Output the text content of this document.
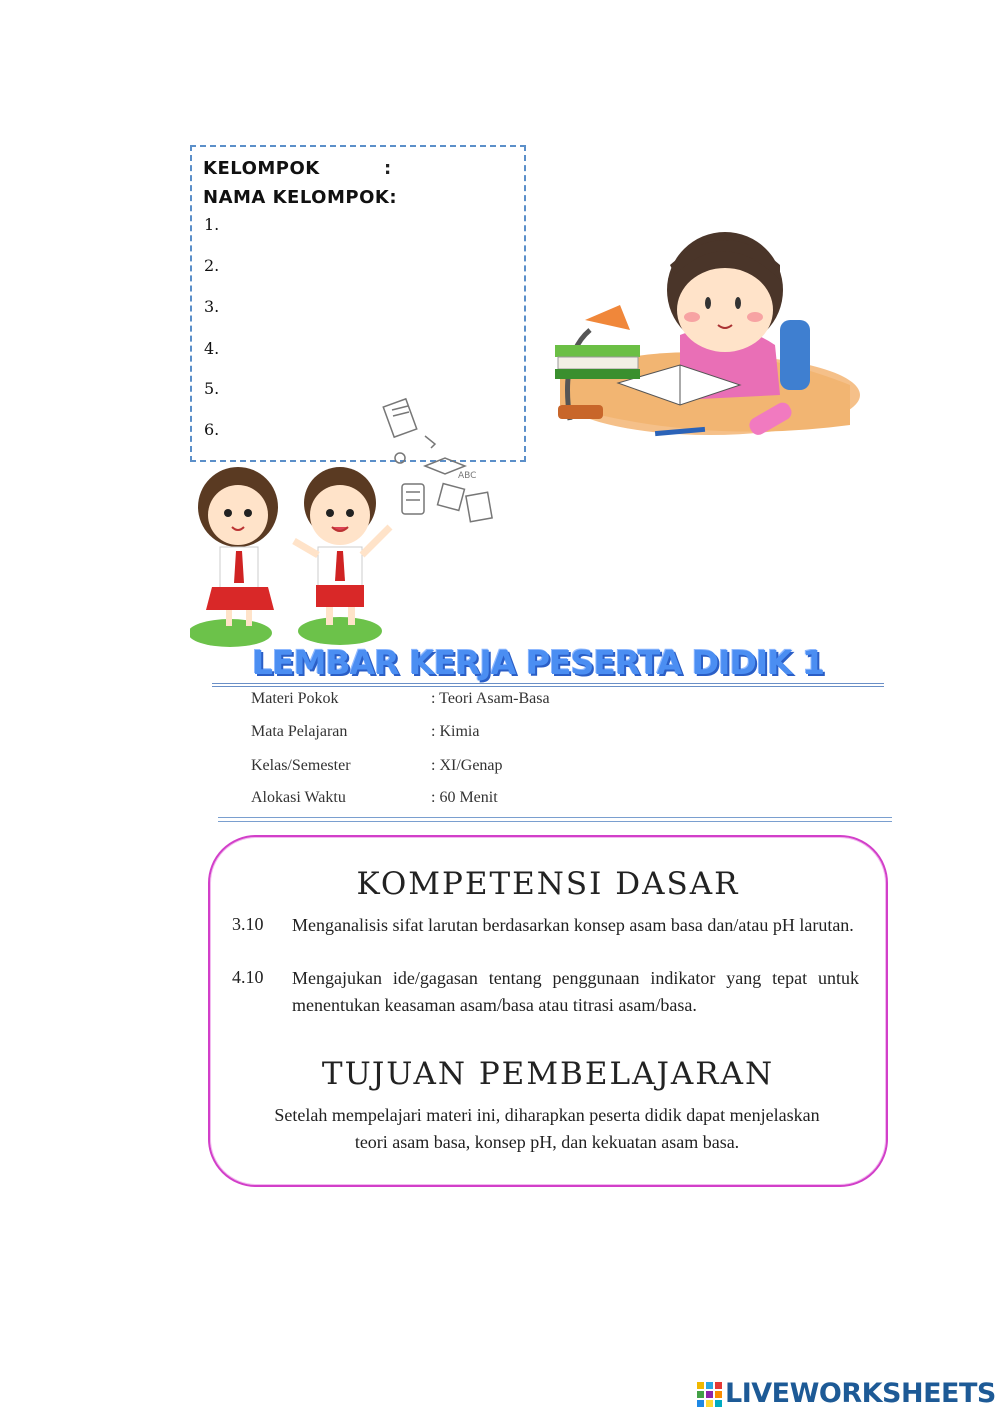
KELOMPOK	:
NAMA KELOMPOK:
1.
2.
3.
4.
5.
6.
ABC
LEMBAR KERJA PESERTA DIDIK 1
Materi Pokok	: Teori Asam-Basa
Mata Pelajaran	: Kimia
Kelas/Semester	: XI/Genap
Alokasi Waktu	: 60 Menit
KOMPETENSI DASAR
3.10 Menganalisis sifat larutan berdasarkan konsep asam basa dan/atau pH larutan.
4.10 Mengajukan ide/gagasan tentang penggunaan indikator yang tepat untuk menentukan keasaman asam/basa atau titrasi asam/basa.
TUJUAN PEMBELAJARAN
Setelah mempelajari materi ini, diharapkan peserta didik dapat menjelaskan
teori asam basa, konsep pH, dan kekuatan asam basa.
LIVEWORKSHEETS
